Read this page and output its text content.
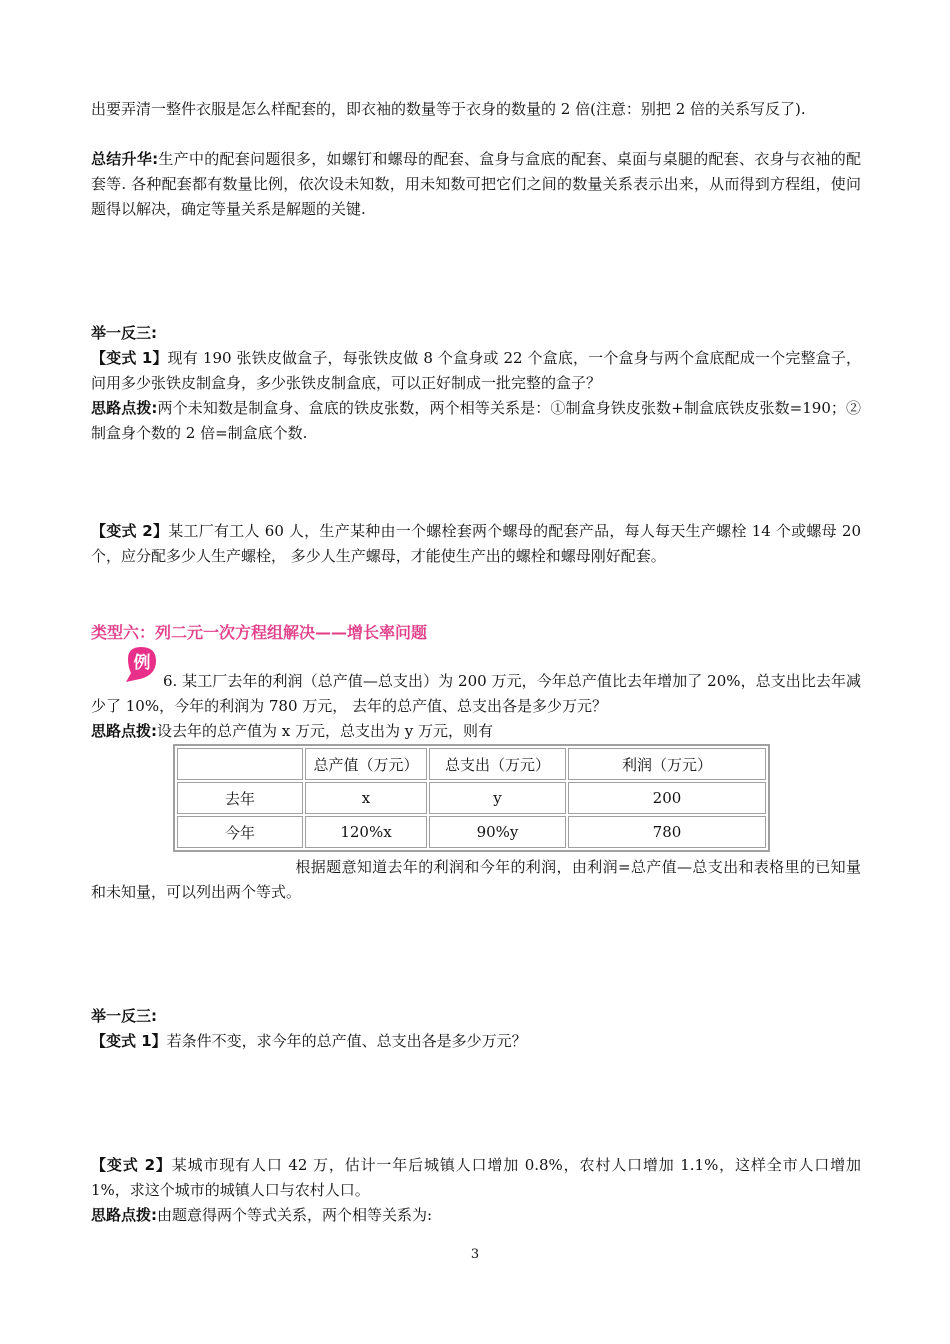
出要弄清一整件衣服是怎么样配套的，即衣袖的数量等于衣身的数量的 2 倍(注意：别把 2 倍的关系写反了).
总结升华:生产中的配套问题很多，如螺钉和螺母的配套、盒身与盒底的配套、桌面与桌腿的配套、衣身与衣袖的配套等. 各种配套都有数量比例，依次设未知数，用未知数可把它们之间的数量关系表示出来，从而得到方程组，使问题得以解决，确定等量关系是解题的关键.
举一反三:
【变式 1】现有 190 张铁皮做盒子，每张铁皮做 8 个盒身或 22 个盒底，一个盒身与两个盒底配成一个完整盒子，问用多少张铁皮制盒身，多少张铁皮制盒底，可以正好制成一批完整的盒子？
思路点拨:两个未知数是制盒身、盒底的铁皮张数，两个相等关系是：①制盒身铁皮张数+制盒底铁皮张数=190；②制盒身个数的 2 倍=制盒底个数.
【变式 2】某工厂有工人 60 人，生产某种由一个螺栓套两个螺母的配套产品，每人每天生产螺栓 14 个或螺母 20 个，应分配多少人生产螺栓， 多少人生产螺母，才能使生产出的螺栓和螺母刚好配套。
类型六：列二元一次方程组解决——增长率问题
例
6. 某工厂去年的利润（总产值—总支出）为 200 万元，今年总产值比去年增加了 20%，总支出比去年减少了 10%，今年的利润为 780 万元， 去年的总产值、总支出各是多少万元？
思路点拨:设去年的总产值为 x 万元，总支出为 y 万元，则有
	总产值（万元）	总支出（万元）	利润（万元）
去年	x	y	200
今年	120%x	90%y	780
根据题意知道去年的利润和今年的利润，由利润=总产值—总支出和表格里的已知量和未知量，可以列出两个等式。
举一反三:
【变式 1】若条件不变，求今年的总产值、总支出各是多少万元？
【变式 2】某城市现有人口 42 万，估计一年后城镇人口增加 0.8%，农村人口增加 1.1%，这样全市人口增加 1%，求这个城市的城镇人口与农村人口。
思路点拨:由题意得两个等式关系，两个相等关系为:
3
